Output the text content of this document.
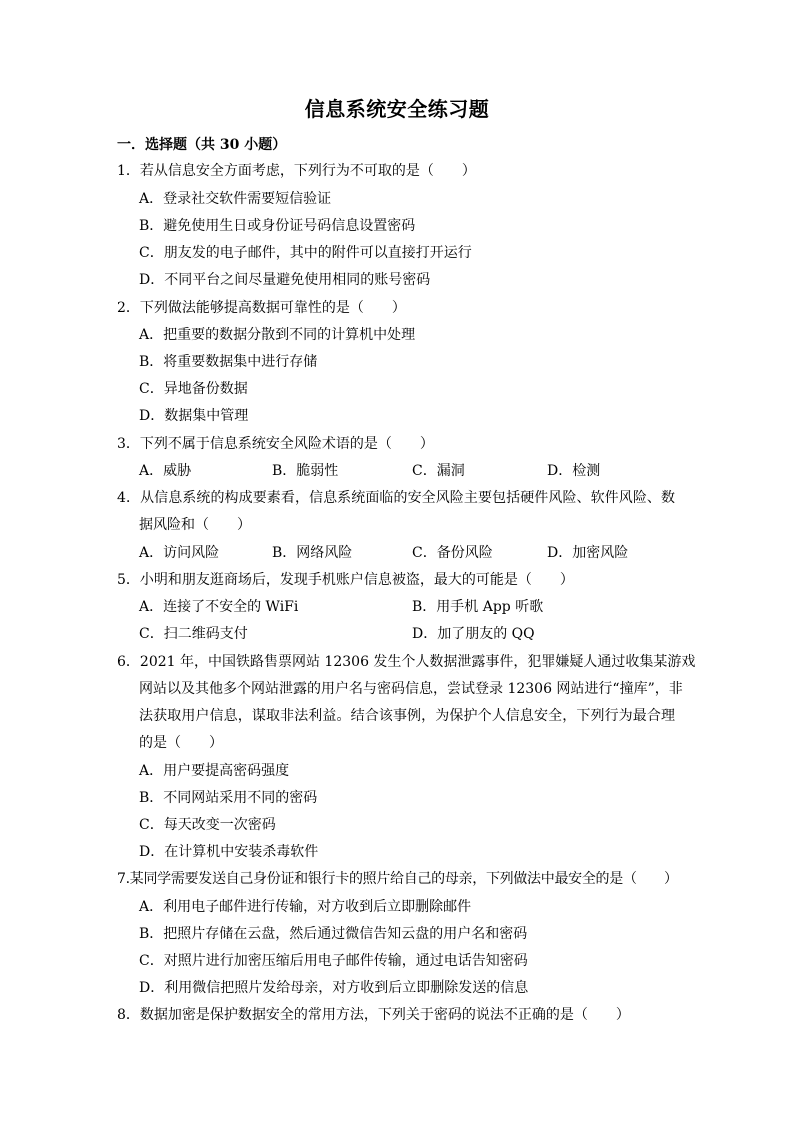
信息系统安全练习题
一．选择题（共 30 小题）
1．若从信息安全方面考虑，下列行为不可取的是（　　）
A．登录社交软件需要短信验证
B．避免使用生日或身份证号码信息设置密码
C．朋友发的电子邮件，其中的附件可以直接打开运行
D．不同平台之间尽量避免使用相同的账号密码
2．下列做法能够提高数据可靠性的是（　　）
A．把重要的数据分散到不同的计算机中处理
B．将重要数据集中进行存储
C．异地备份数据
D．数据集中管理
3．下列不属于信息系统安全风险术语的是（　　）
A．威胁	B．脆弱性	C．漏洞	D．检测
4．从信息系统的构成要素看，信息系统面临的安全风险主要包括硬件风险、软件风险、数
据风险和（　　）
A．访问风险	B．网络风险	C．备份风险	D．加密风险
5．小明和朋友逛商场后，发现手机账户信息被盗，最大的可能是（　　）
A．连接了不安全的 WiFi	B．用手机 App 听歌
C．扫二维码支付	D．加了朋友的 QQ
6．2021 年，中国铁路售票网站 12306 发生个人数据泄露事件，犯罪嫌疑人通过收集某游戏
网站以及其他多个网站泄露的用户名与密码信息，尝试登录 12306 网站进行“撞库”，非
法获取用户信息，谋取非法利益。结合该事例，为保护个人信息安全，下列行为最合理
的是（　　）
A．用户要提高密码强度
B．不同网站采用不同的密码
C．每天改变一次密码
D．在计算机中安装杀毒软件
7.某同学需要发送自己身份证和银行卡的照片给自己的母亲，下列做法中最安全的是（　　）
A．利用电子邮件进行传输，对方收到后立即删除邮件
B．把照片存储在云盘，然后通过微信告知云盘的用户名和密码
C．对照片进行加密压缩后用电子邮件传输，通过电话告知密码
D．利用微信把照片发给母亲，对方收到后立即删除发送的信息
8．数据加密是保护数据安全的常用方法，下列关于密码的说法不正确的是（　　）
